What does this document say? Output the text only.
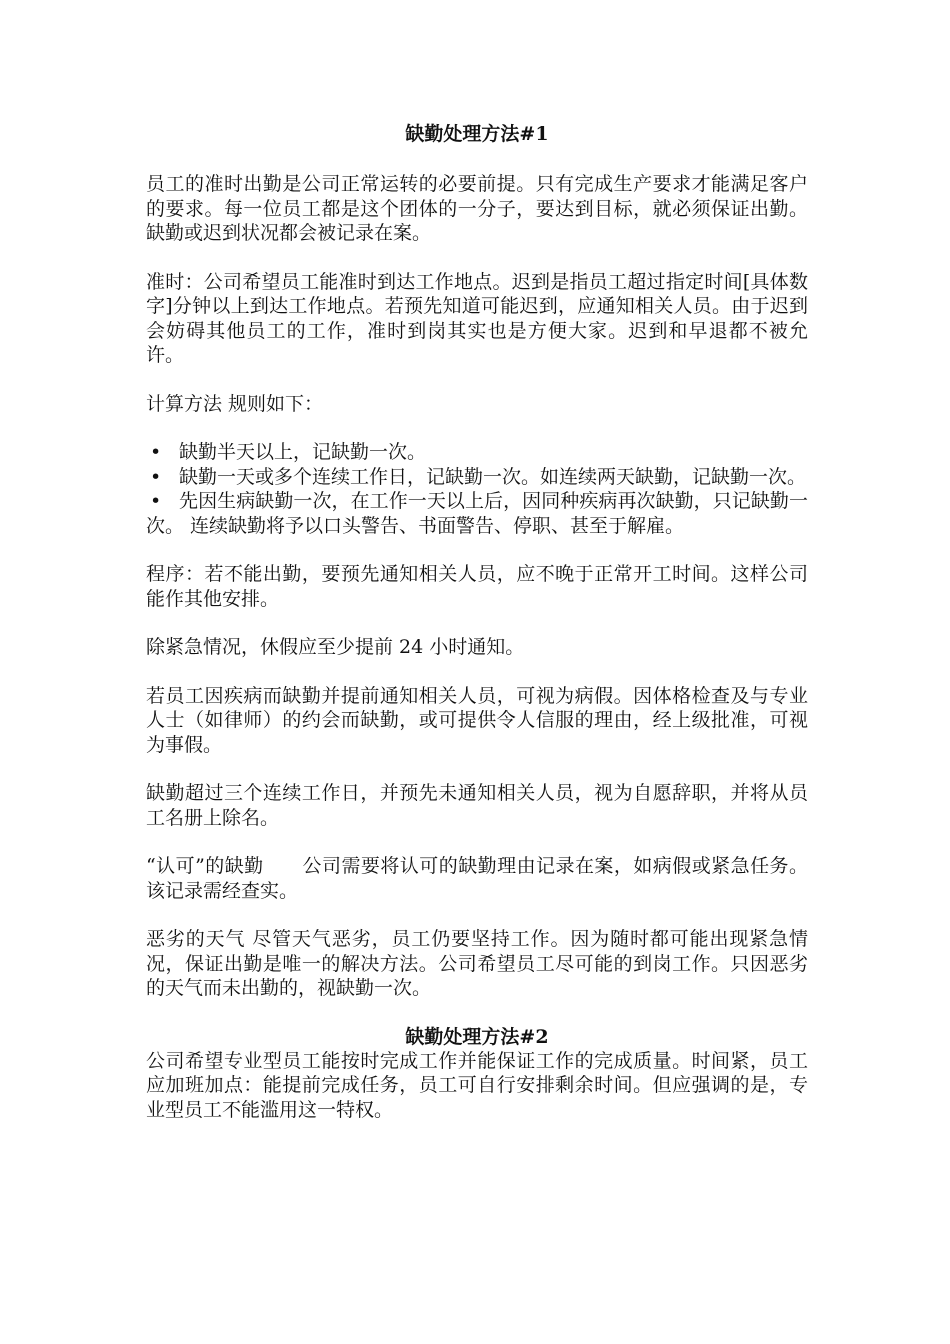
缺勤处理方法#1

员工的准时出勤是公司正常运转的必要前提。只有完成生产要求才能满足客户的要求。每一位员工都是这个团体的一分子，要达到目标，就必须保证出勤。缺勤或迟到状况都会被记录在案。

准时：公司希望员工能准时到达工作地点。迟到是指员工超过指定时间[具体数字]分钟以上到达工作地点。若预先知道可能迟到，应通知相关人员。由于迟到会妨碍其他员工的工作，准时到岗其实也是方便大家。迟到和早退都不被允许。

计算方法 规则如下：

• 缺勤半天以上，记缺勤一次。
• 缺勤一天或多个连续工作日，记缺勤一次。如连续两天缺勤，记缺勤一次。
• 先因生病缺勤一次，在工作一天以上后，因同种疾病再次缺勤，只记缺勤一次。 连续缺勤将予以口头警告、书面警告、停职、甚至于解雇。

程序：若不能出勤，要预先通知相关人员，应不晚于正常开工时间。这样公司能作其他安排。

除紧急情况，休假应至少提前 24 小时通知。

若员工因疾病而缺勤并提前通知相关人员，可视为病假。因体格检查及与专业人士（如律师）的约会而缺勤，或可提供令人信服的理由，经上级批准，可视为事假。

缺勤超过三个连续工作日，并预先未通知相关人员，视为自愿辞职，并将从员工名册上除名。

“认可”的缺勤　　公司需要将认可的缺勤理由记录在案，如病假或紧急任务。该记录需经查实。

恶劣的天气 尽管天气恶劣，员工仍要坚持工作。因为随时都可能出现紧急情况，保证出勤是唯一的解决方法。公司希望员工尽可能的到岗工作。只因恶劣的天气而未出勤的，视缺勤一次。

缺勤处理方法#2

公司希望专业型员工能按时完成工作并能保证工作的完成质量。时间紧，员工应加班加点：能提前完成任务，员工可自行安排剩余时间。但应强调的是，专业型员工不能滥用这一特权。
